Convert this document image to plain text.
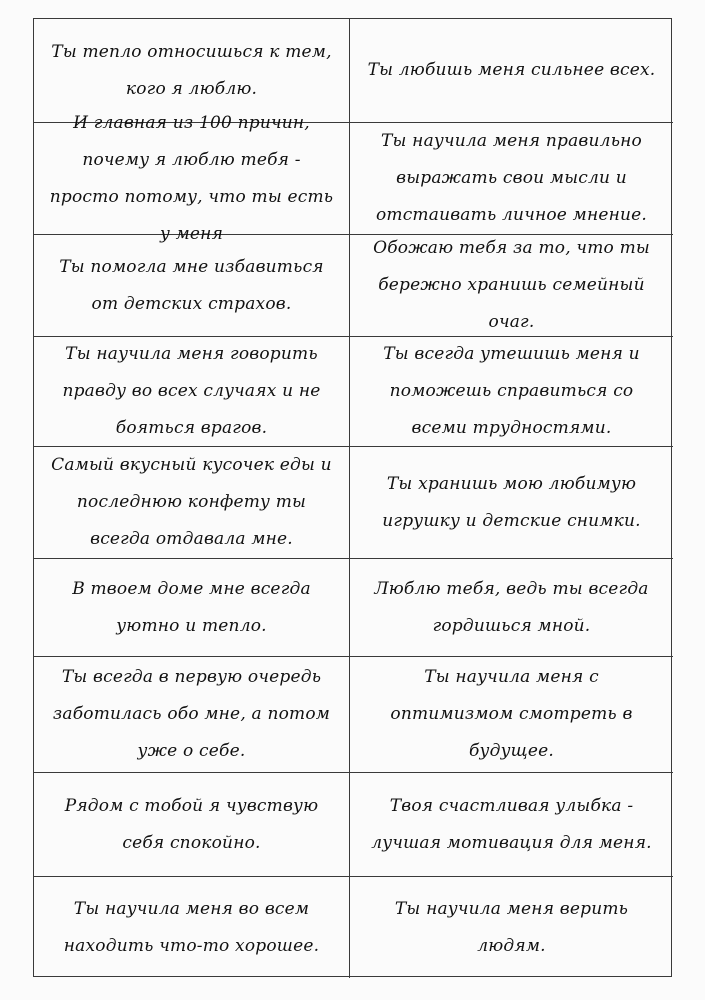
Ты тепло относишься к тем, кого я люблю.
Ты любишь меня сильнее всех.
И главная из 100 причин, почему я люблю тебя - просто потому, что ты есть у меня
Ты научила меня правильно выражать свои мысли и отстаивать личное мнение.
Ты помогла мне избавиться от детских страхов.
Обожаю тебя за то, что ты бережно хранишь семейный очаг.
Ты научила меня говорить правду во всех случаях и не бояться врагов.
Ты всегда утешишь меня и поможешь справиться со всеми трудностями.
Самый вкусный кусочек еды и последнюю конфету ты всегда отдавала мне.
Ты хранишь мою любимую игрушку и детские снимки.
В твоем доме мне всегда уютно и тепло.
Люблю тебя, ведь ты всегда гордишься мной.
Ты всегда в первую очередь заботилась обо мне, а потом уже о себе.
Ты научила меня с оптимизмом смотреть в будущее.
Рядом с тобой я чувствую себя спокойно.
Твоя счастливая улыбка - лучшая мотивация для меня.
Ты научила меня во всем находить что-то хорошее.
Ты научила меня верить людям.
